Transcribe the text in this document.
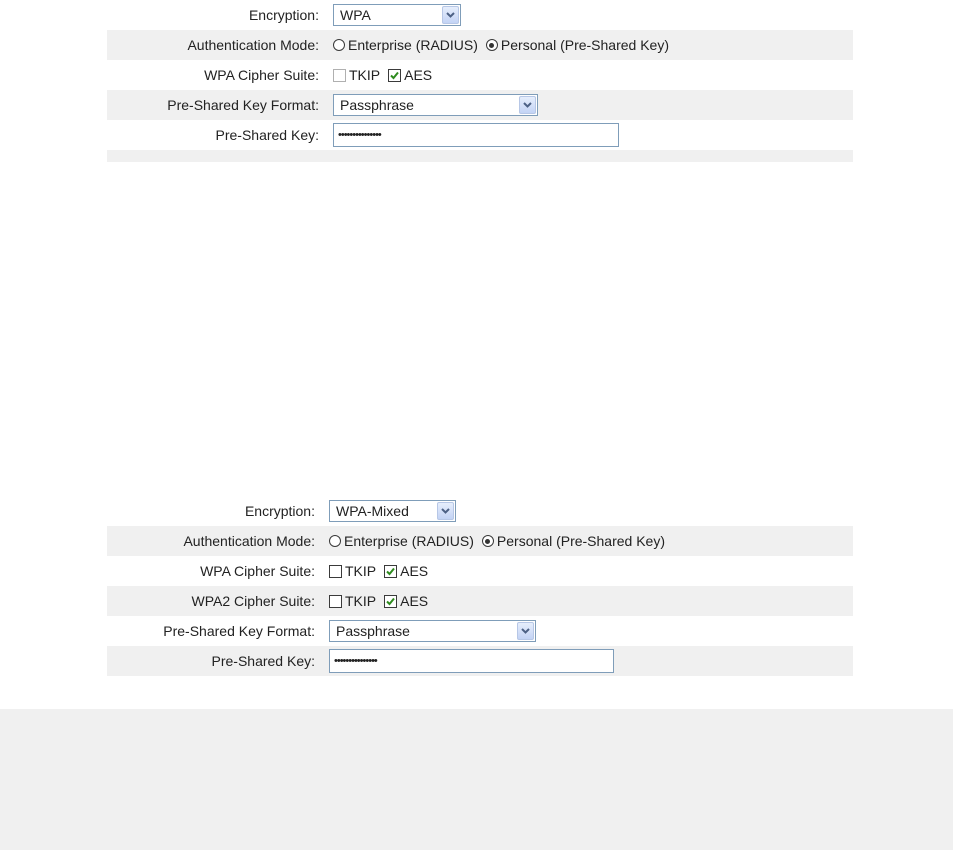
Encryption:	WPA
Authentication Mode:	Enterprise (RADIUS) Personal (Pre-Shared Key)
WPA Cipher Suite:	TKIP AES
Pre-Shared Key Format:	Passphrase
Pre-Shared Key:	•••••••••••••••
Encryption:	WPA-Mixed
Authentication Mode:	Enterprise (RADIUS) Personal (Pre-Shared Key)
WPA Cipher Suite:	TKIP AES
WPA2 Cipher Suite:	TKIP AES
Pre-Shared Key Format:	Passphrase
Pre-Shared Key:	•••••••••••••••
